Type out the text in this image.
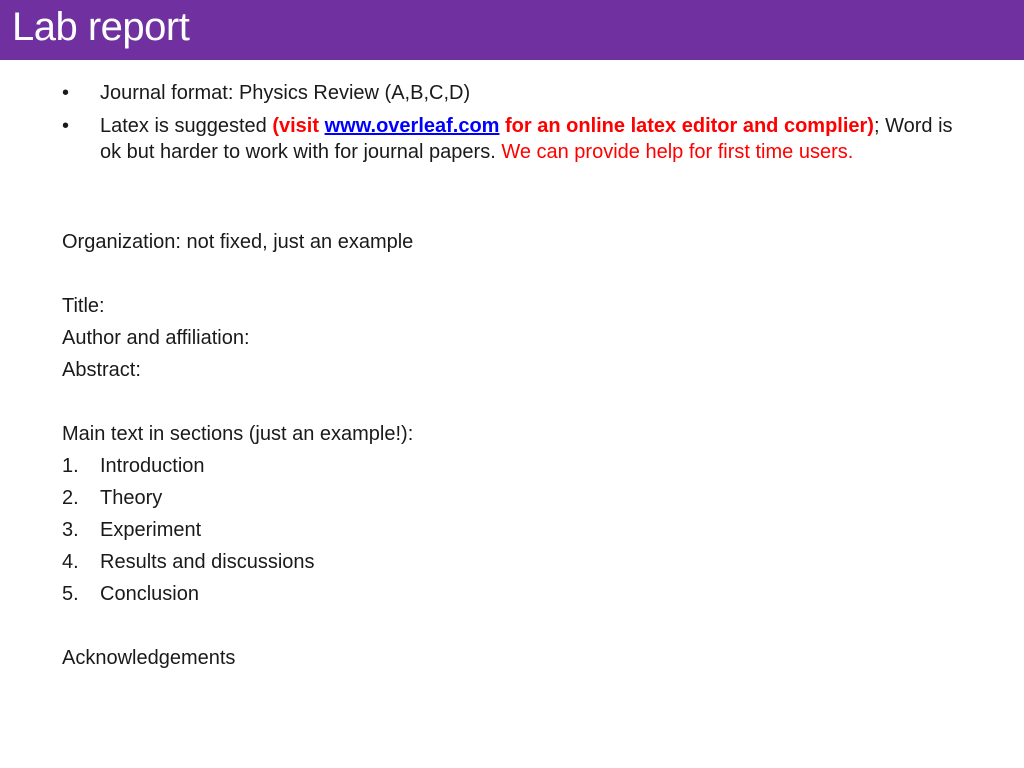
Lab report
•	Journal format: Physics Review (A,B,C,D)
•	Latex is suggested (visit www.overleaf.com for an online latex editor and complier); Word is ok but harder to work with for journal papers. We can provide help for first time users.
Organization: not fixed, just an example
Title:
Author and affiliation:
Abstract:
Main text in sections (just an example!):
1. Introduction
2. Theory
3. Experiment
4. Results and discussions
5. Conclusion
Acknowledgements
